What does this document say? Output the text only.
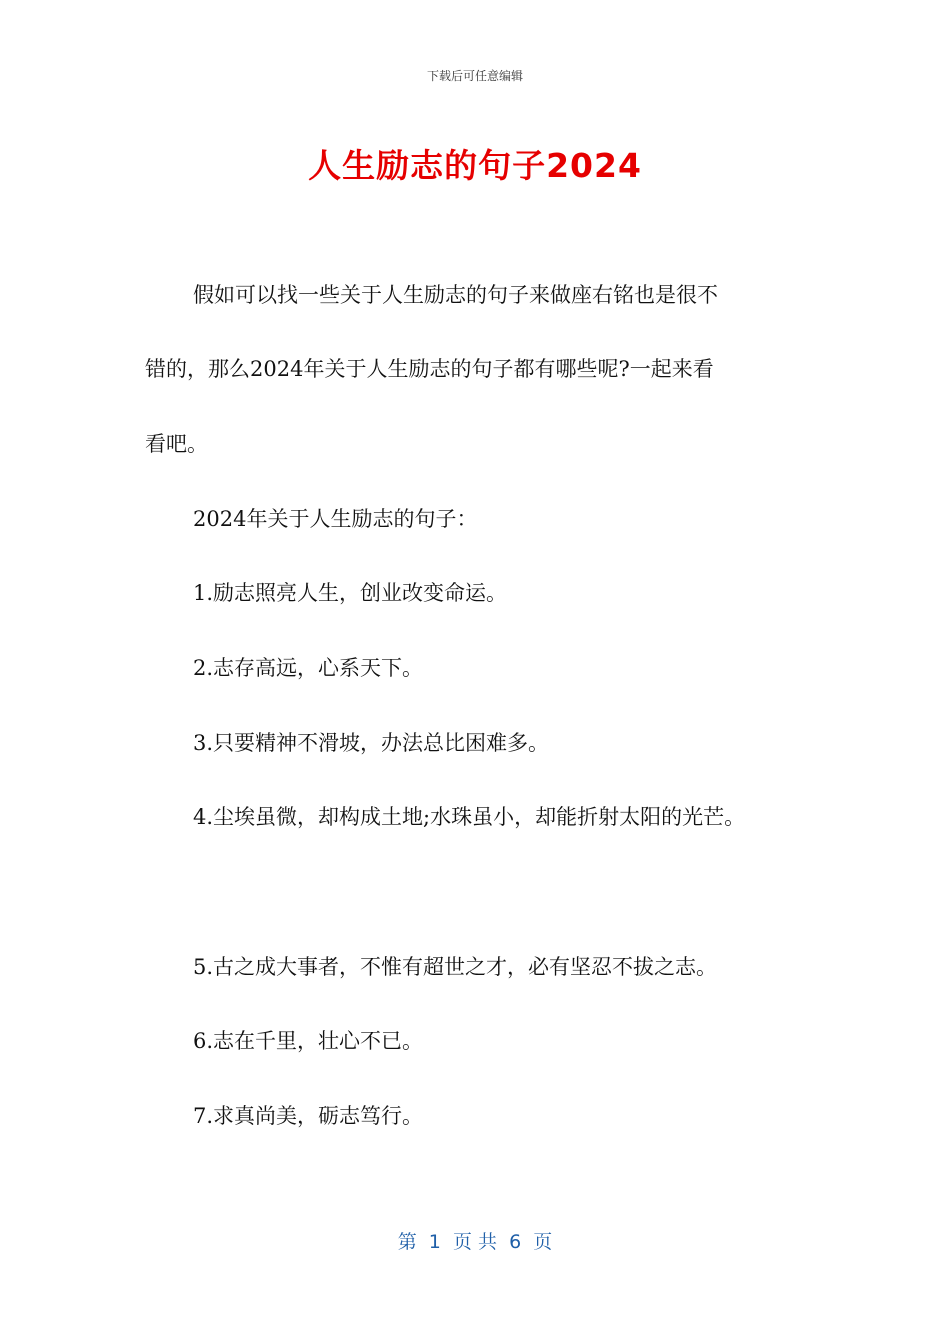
下载后可任意编辑
人生励志的句子2024
假如可以找一些关于人生励志的句子来做座右铭也是很不
错的，那么2024年关于人生励志的句子都有哪些呢?一起来看
看吧。
2024年关于人生励志的句子：
1.励志照亮人生，创业改变命运。
2.志存高远，心系天下。
3.只要精神不滑坡，办法总比困难多。
4.尘埃虽微，却构成土地;水珠虽小，却能折射太阳的光芒。
5.古之成大事者，不惟有超世之才，必有坚忍不拔之志。
6.志在千里，壮心不已。
7.求真尚美，砺志笃行。
第  1  页 共  6  页
